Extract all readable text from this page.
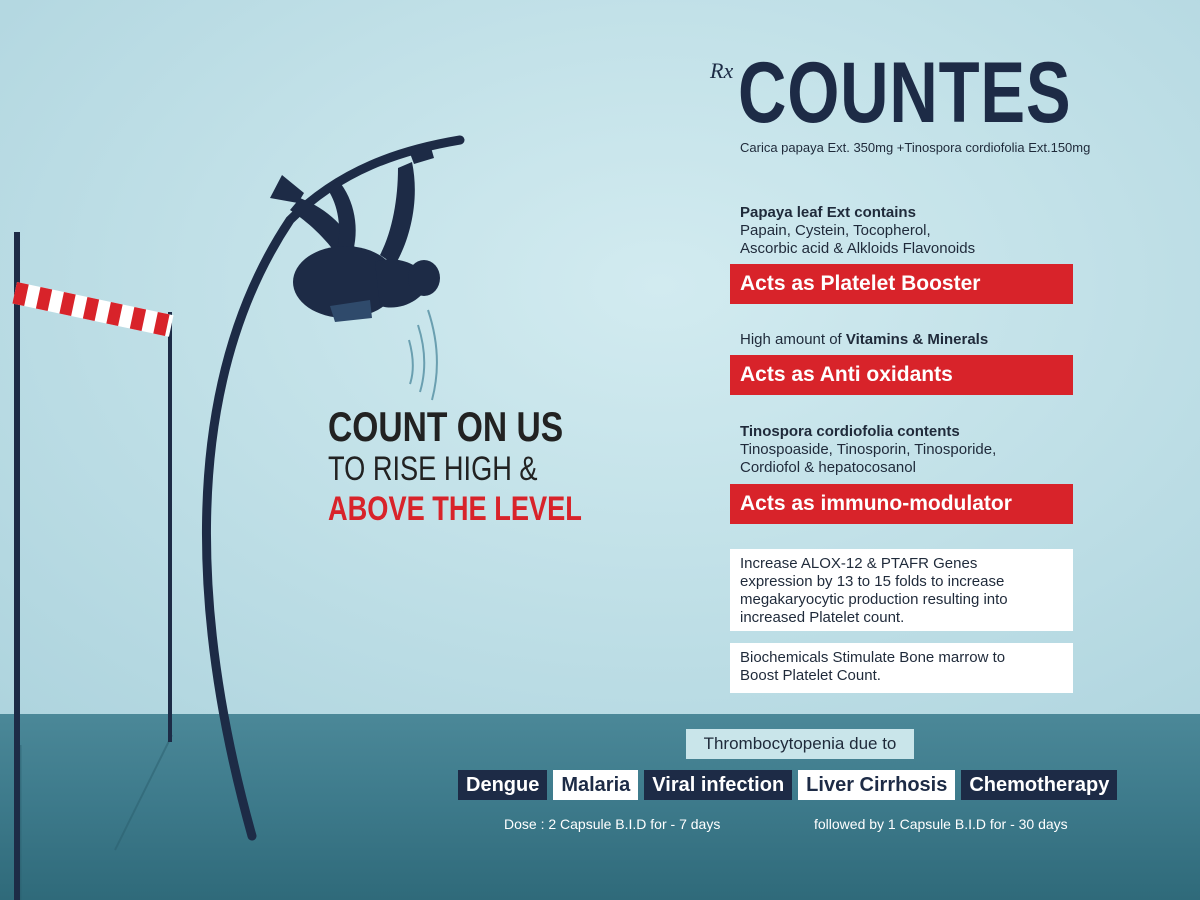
Rx COUNTES
Carica papaya Ext. 350mg +Tinospora cordiofolia Ext.150mg
COUNT ON US
TO RISE HIGH &
ABOVE THE LEVEL
Papaya leaf Ext contains
Papain, Cystein, Tocopherol,
Ascorbic acid & Alkloids Flavonoids
Acts as Platelet Booster
High amount of Vitamins & Minerals
Acts as Anti oxidants
Tinospora cordiofolia contents
Tinospoaside, Tinosporin, Tinosporide,
Cordiofol & hepatocosanol
Acts as immuno-modulator
Increase ALOX-12 & PTAFR Genes
expression by 13 to 15 folds to increase
megakaryocytic production resulting into
increased Platelet count.
Biochemicals Stimulate Bone marrow to
Boost Platelet Count.
Thrombocytopenia due to
Dengue	Malaria	Viral infection	Liver Cirrhosis	Chemotherapy
Dose : 2 Capsule B.I.D for - 7 days	followed by 1 Capsule B.I.D for - 30 days
